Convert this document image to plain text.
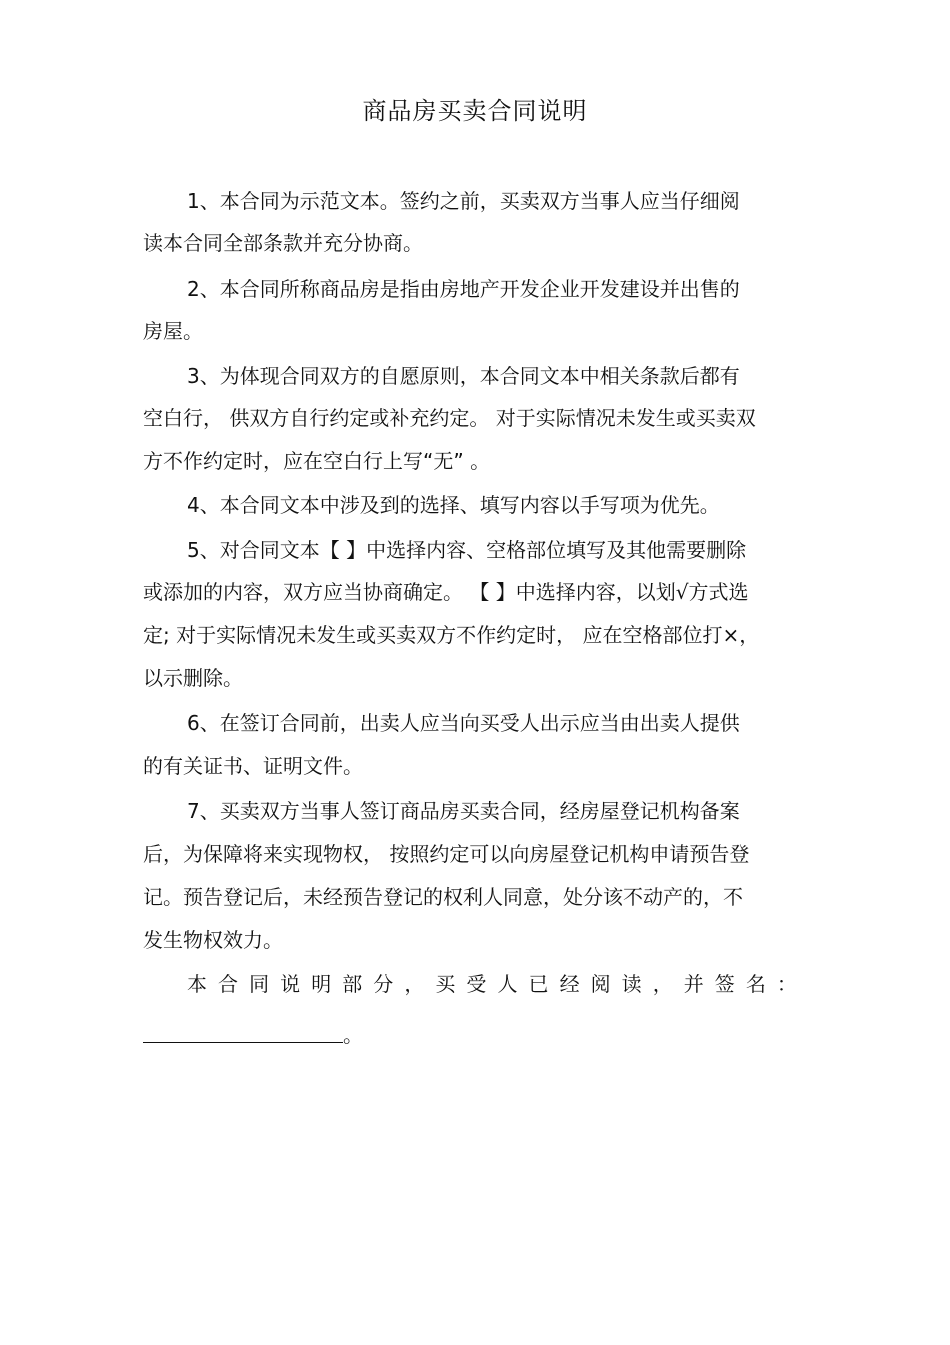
商品房买卖合同说明

1、本合同为示范文本。签约之前，买卖双方当事人应当仔细阅

读本合同全部条款并充分协商。

2、本合同所称商品房是指由房地产开发企业开发建设并出售的

房屋。

3、为体现合同双方的自愿原则，本合同文本中相关条款后都有

空白行， 供双方自行约定或补充约定。 对于实际情况未发生或买卖双

方不作约定时，应在空白行上写“无” 。

4、本合同文本中涉及到的选择、填写内容以手写项为优先。

5、对合同文本【 】中选择内容、空格部位填写及其他需要删除

或添加的内容，双方应当协商确定。 【 】中选择内容，以划√方式选

定; 对于实际情况未发生或买卖双方不作约定时， 应在空格部位打×，

以示删除。

6、在签订合同前，出卖人应当向买受人出示应当由出卖人提供

的有关证书、证明文件。

7、买卖双方当事人签订商品房买卖合同，经房屋登记机构备案

后，为保障将来实现物权， 按照约定可以向房屋登记机构申请预告登

记。预告登记后，未经预告登记的权利人同意，处分该不动产的，不

发生物权效力。

本 合 同 说 明 部 分 ， 买 受 人 已 经 阅 读 ， 并 签 名 ：
。
